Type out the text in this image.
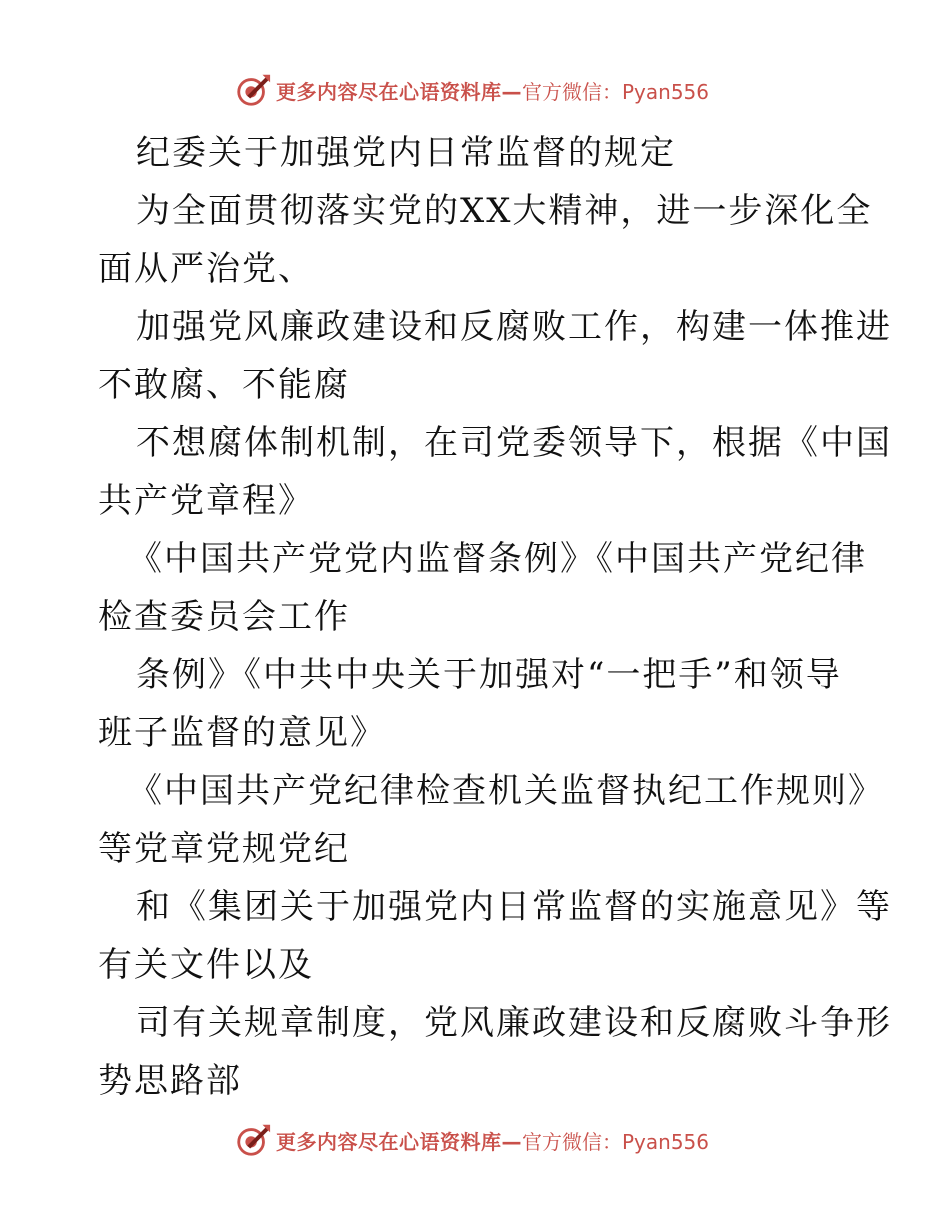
更多内容尽在心语资料库— 官方微信：Pyan556
纪委关于加强党内日常监督的规定
为全面贯彻落实党的XX大精神，进一步深化全
面从严治党、
加强党风廉政建设和反腐败工作，构建一体推进
不敢腐、不能腐
不想腐体制机制，在司党委领导下，根据《中国
共产党章程》
《中国共产党党内监督条例》《中国共产党纪律
检查委员会工作
条例》《中共中央关于加强对“一把手”和领导
班子监督的意见》
《中国共产党纪律检查机关监督执纪工作规则》
等党章党规党纪
和《集团关于加强党内日常监督的实施意见》等
有关文件以及
司有关规章制度，党风廉政建设和反腐败斗争形
势思路部
更多内容尽在心语资料库— 官方微信：Pyan556
